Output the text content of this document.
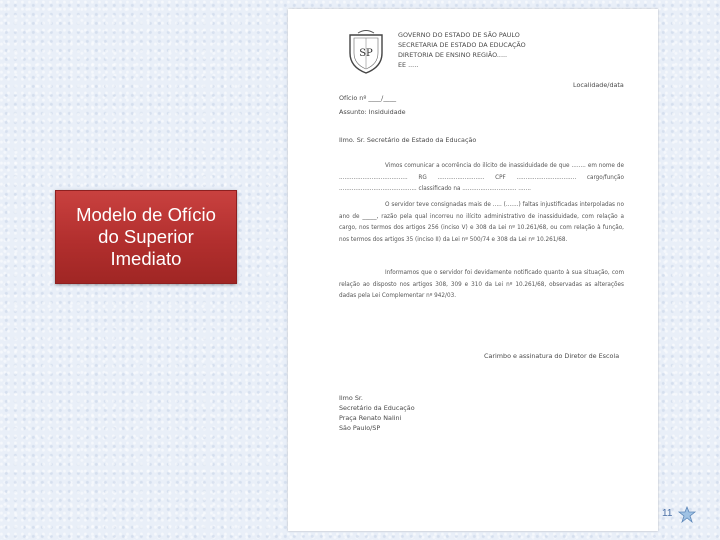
Modelo de Ofício
do Superior
Imediato
SP
GOVERNO DO ESTADO DE SÃO PAULO
SECRETARIA DE ESTADO DA EDUCAÇÃO
DIRETORIA DE ENSINO REGIÃO.....
EE .....
Localidade/data
Ofício nº ____/____
Assunto: Insiduidade
Ilmo. Sr. Secretário de Estado da Educação
Vimos comunicar a ocorrência do ilícito de inassiduidade de que ........ em nome de ...................................... RG .......................... CPF ................................. cargo/função ........................................... classificado na .............................. .......
O servidor teve consignadas mais de ..... (.......) faltas injustificadas interpoladas no ano de _____, razão pela qual incorreu no ilícito administrativo de inassiduidade, com relação a cargo, nos termos dos artigos 256 (inciso V) e 308 da Lei nº 10.261/68, ou com relação à função, nos termos dos artigos 35 (inciso II) da Lei nº 500/74 e 308 da Lei nº 10.261/68.
Informamos que o servidor foi devidamente notificado quanto à sua situação, com relação ao disposto nos artigos 308, 309 e 310 da Lei nº 10.261/68, observadas as alterações dadas pela Lei Complementar nº 942/03.
Carimbo e assinatura do Diretor de Escola
Ilmo Sr.
Secretário da Educação
Praça Renato Nalini
São Paulo/SP
11
